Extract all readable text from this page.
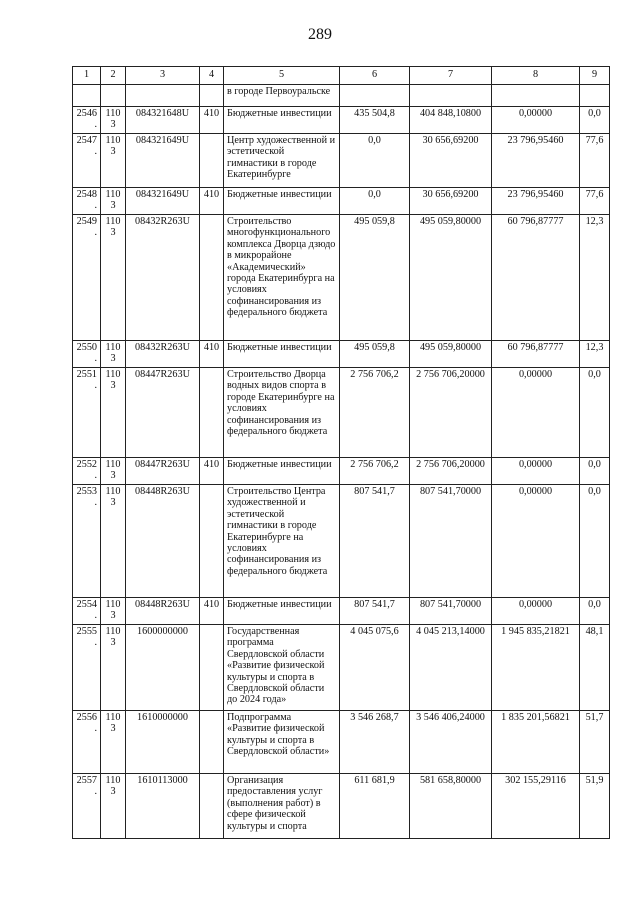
289
1	2	3	4	5	6	7	8	9
				в городе Первоуральске				
2546.	1103	084321648U	410	Бюджетные инвестиции	435 504,8	404 848,10800	0,00000	0,0
2547.	1103	084321649U		Центр художественной и эстетической гимнастики в городе Екатеринбурге	0,0	30 656,69200	23 796,95460	77,6
2548.	1103	084321649U	410	Бюджетные инвестиции	0,0	30 656,69200	23 796,95460	77,6
2549.	1103	08432R263U		Строительство многофункционального комплекса Дворца дзюдо в микрорайоне «Академический» города Екатеринбурга на условиях софинансирования из федерального бюджета	495 059,8	495 059,80000	60 796,87777	12,3
2550.	1103	08432R263U	410	Бюджетные инвестиции	495 059,8	495 059,80000	60 796,87777	12,3
2551.	1103	08447R263U		Строительство Дворца водных видов спорта в городе Екатеринбурге на условиях софинансирования из федерального бюджета	2 756 706,2	2 756 706,20000	0,00000	0,0
2552.	1103	08447R263U	410	Бюджетные инвестиции	2 756 706,2	2 756 706,20000	0,00000	0,0
2553.	1103	08448R263U		Строительство Центра художественной и эстетической гимнастики в городе Екатеринбурге на условиях софинансирования из федерального бюджета	807 541,7	807 541,70000	0,00000	0,0
2554.	1103	08448R263U	410	Бюджетные инвестиции	807 541,7	807 541,70000	0,00000	0,0
2555.	1103	1600000000		Государственная программа Свердловской области «Развитие физической культуры и спорта в Свердловской области до 2024 года»	4 045 075,6	4 045 213,14000	1 945 835,21821	48,1
2556.	1103	1610000000		Подпрограмма «Развитие физической культуры и спорта в Свердловской области»	3 546 268,7	3 546 406,24000	1 835 201,56821	51,7
2557.	1103	1610113000		Организация предоставления услуг (выполнения работ) в сфере физической культуры и спорта	611 681,9	581 658,80000	302 155,29116	51,9
